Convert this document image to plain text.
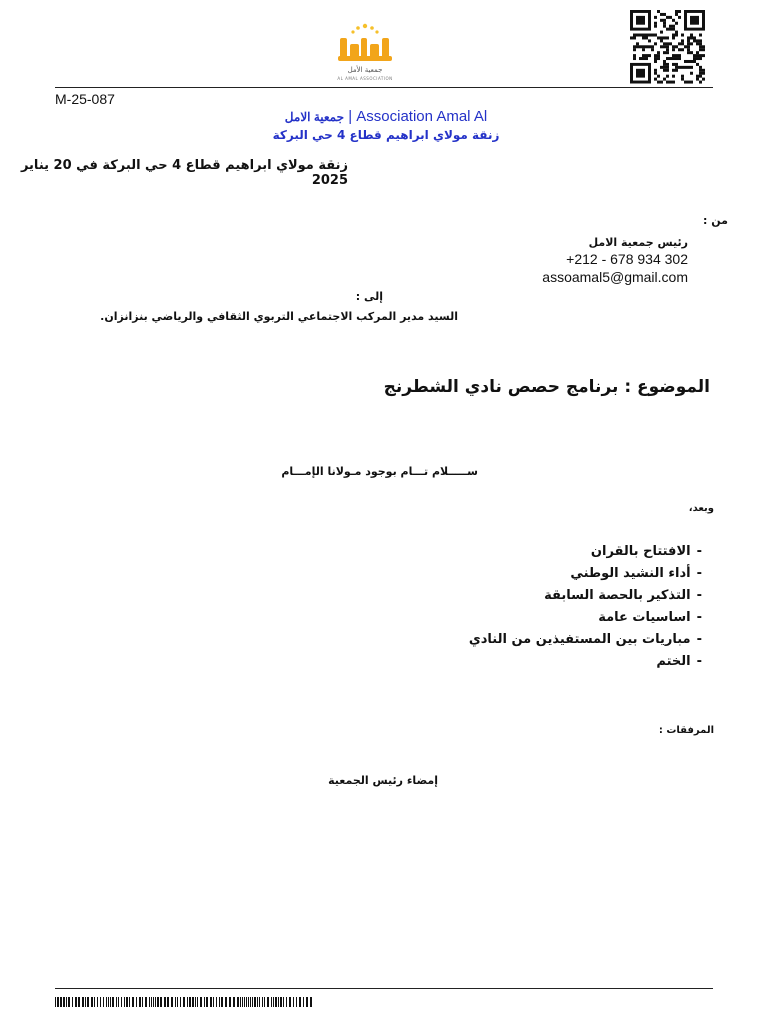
جمعية الأمل
AL AMAL ASSOCIATION
M-25-087
جمعية الامل | Association Amal Al
زنقة مولاي ابراهيم قطاع 4 حي البركة
زنقة مولاي ابراهيم قطاع 4 حي البركة في 20 يناير 2025
من :
رئيس جمعية الامل
+212 - 678 934 302
assoamal5@gmail.com
إلى :
السيد مدير المركب الاجتماعي التربوي الثقافي والرياضي بنزانزان.
الموضوع : برنامج حصص نادي الشطرنج
ســـــلام تـــام بوجود مـولانا الإمـــام
وبعد،
-الافتتاح بالقران
-أداء النشيد الوطني
-التذكير بالحصة السابقة
-اساسيات عامة
-مباريات بين المستفيذين من النادي
-الختم
المرفقات :
إمضاء رئيس الجمعية
